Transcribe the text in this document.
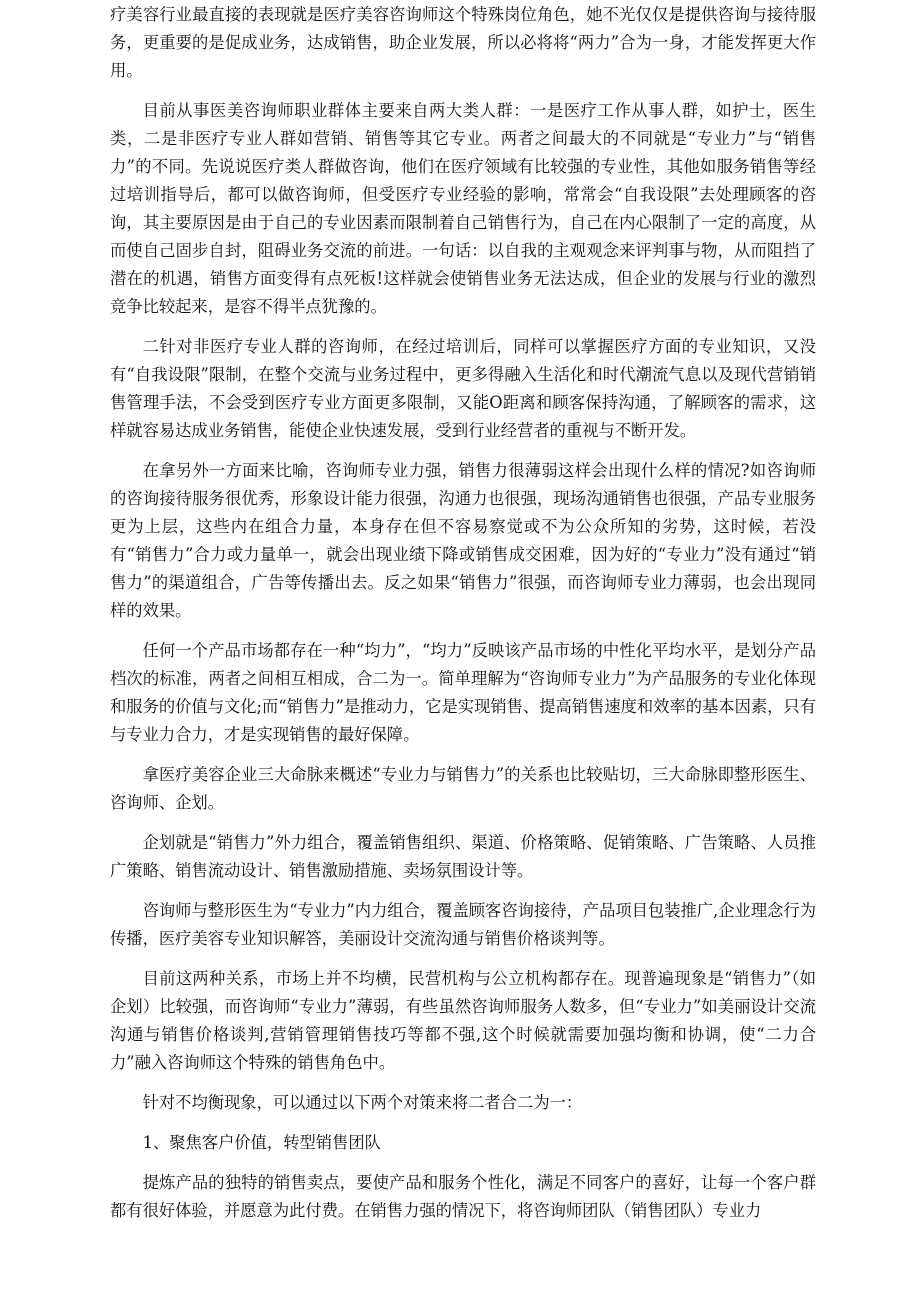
疗美容行业最直接的表现就是医疗美容咨询师这个特殊岗位角色，她不光仅仅是提供咨询与接待服务，更重要的是促成业务，达成销售，助企业发展，所以必将将“两力”合为一身，才能发挥更大作用。

目前从事医美咨询师职业群体主要来自两大类人群：一是医疗工作从事人群，如护士，医生类，二是非医疗专业人群如营销、销售等其它专业。两者之间最大的不同就是“专业力”与“销售力”的不同。先说说医疗类人群做咨询，他们在医疗领域有比较强的专业性，其他如服务销售等经过培训指导后，都可以做咨询师，但受医疗专业经验的影响，常常会“自我设限”去处理顾客的咨询，其主要原因是由于自己的专业因素而限制着自己销售行为，自己在内心限制了一定的高度，从而使自己固步自封，阻碍业务交流的前进。一句话：以自我的主观观念来评判事与物，从而阻挡了潜在的机遇，销售方面变得有点死板!这样就会使销售业务无法达成，但企业的发展与行业的激烈竞争比较起来，是容不得半点犹豫的。

二针对非医疗专业人群的咨询师，在经过培训后，同样可以掌握医疗方面的专业知识，又没有“自我设限”限制，在整个交流与业务过程中，更多得融入生活化和时代潮流气息以及现代营销销售管理手法，不会受到医疗专业方面更多限制，又能O距离和顾客保持沟通，了解顾客的需求，这样就容易达成业务销售，能使企业快速发展，受到行业经营者的重视与不断开发。

在拿另外一方面来比喻，咨询师专业力强，销售力很薄弱这样会出现什么样的情况?如咨询师的咨询接待服务很优秀，形象设计能力很强，沟通力也很强，现场沟通销售也很强，产品专业服务更为上层，这些内在组合力量，本身存在但不容易察觉或不为公众所知的劣势，这时候，若没有“销售力”合力或力量单一，就会出现业绩下降或销售成交困难，因为好的“专业力”没有通过“销售力”的渠道组合，广告等传播出去。反之如果“销售力”很强，而咨询师专业力薄弱，也会出现同样的效果。

任何一个产品市场都存在一种“均力”，“均力”反映该产品市场的中性化平均水平，是划分产品档次的标准，两者之间相互相成，合二为一。简单理解为“咨询师专业力”为产品服务的专业化体现和服务的价值与文化;而“销售力”是推动力，它是实现销售、提高销售速度和效率的基本因素，只有与专业力合力，才是实现销售的最好保障。

拿医疗美容企业三大命脉来概述“专业力与销售力”的关系也比较贴切，三大命脉即整形医生、咨询师、企划。

企划就是“销售力”外力组合，覆盖销售组织、渠道、价格策略、促销策略、广告策略、人员推广策略、销售流动设计、销售激励措施、卖场氛围设计等。

咨询师与整形医生为“专业力”内力组合，覆盖顾客咨询接待，产品项目包装推广,企业理念行为传播，医疗美容专业知识解答，美丽设计交流沟通与销售价格谈判等。

目前这两种关系，市场上并不均横，民营机构与公立机构都存在。现普遍现象是“销售力”（如企划）比较强，而咨询师“专业力”薄弱，有些虽然咨询师服务人数多，但“专业力”如美丽设计交流沟通与销售价格谈判,营销管理销售技巧等都不强,这个时候就需要加强均衡和协调，使“二力合力”融入咨询师这个特殊的销售角色中。

针对不均衡现象，可以通过以下两个对策来将二者合二为一：

1、聚焦客户价值，转型销售团队

提炼产品的独特的销售卖点，要使产品和服务个性化，满足不同客户的喜好，让每一个客户群都有很好体验，并愿意为此付费。在销售力强的情况下，将咨询师团队（销售团队）专业力
